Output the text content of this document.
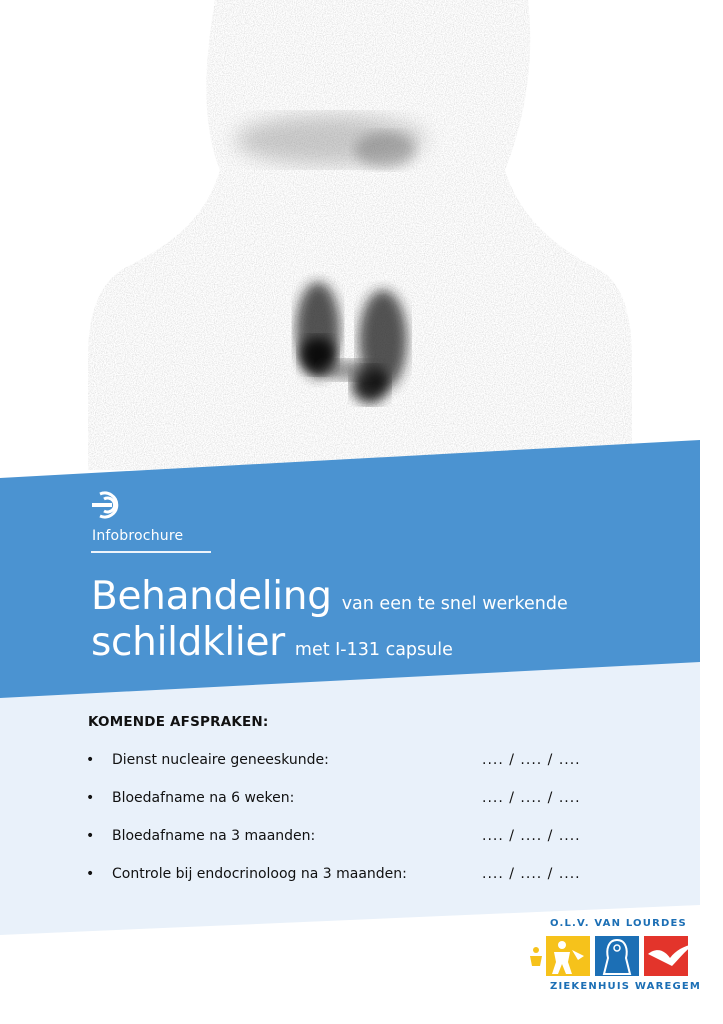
Infobrochure
Behandeling van een te snel werkende
schildklier met I-131 capsule
KOMENDE AFSPRAKEN:
• Dienst nucleaire geneeskunde:	.... / .... / ....
• Bloedafname na 6 weken:	.... / .... / ....
• Bloedafname na 3 maanden:	.... / .... / ....
• Controle bij endocrinoloog na 3 maanden:	.... / .... / ....
O.L.V. VAN LOURDES
ZIEKENHUIS WAREGEM
